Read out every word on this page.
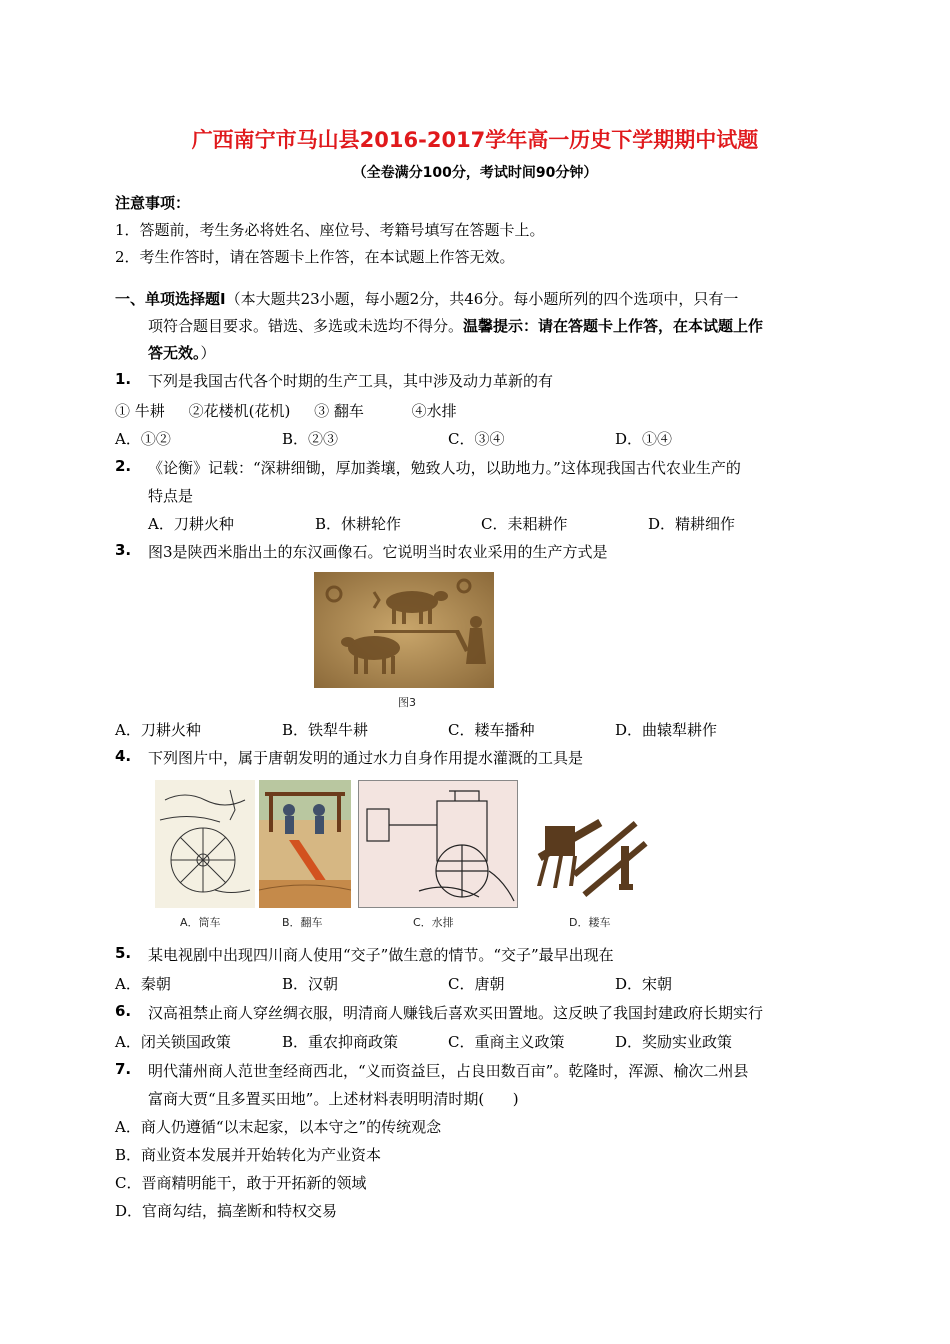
广西南宁市马山县2016-2017学年高一历史下学期期中试题
（全卷满分100分，考试时间90分钟）
注意事项：
1．答题前，考生务必将姓名、座位号、考籍号填写在答题卡上。
2．考生作答时，请在答题卡上作答，在本试题上作答无效。
一、单项选择题Ⅰ（本大题共23小题，每小题2分，共46分。每小题所列的四个选项中，只有一
项符合题目要求。错选、多选或未选均不得分。温馨提示：请在答题卡上作答，在本试题上作
答无效。）
1. 下列是我国古代各个时期的生产工具，其中涉及动力革新的有
① 牛耕     ②花楼机(花机)     ③ 翻车          ④水排
A．①②	B．②③	C．③④	D．①④
2. 《论衡》记载：“深耕细锄，厚加粪壤，勉致人功，以助地力。”这体现我国古代农业生产的
特点是
A．刀耕火种	B．休耕轮作	C．耒耜耕作	D．精耕细作
3. 图3是陕西米脂出土的东汉画像石。它说明当时农业采用的生产方式是
图3
A．刀耕火种	B．铁犁牛耕	C．耧车播种	D．曲辕犁耕作
4. 下列图片中，属于唐朝发明的通过水力自身作用提水灌溉的工具是
A．筒车	B．翻车	C．水排	D．耧车
5. 某电视剧中出现四川商人使用“交子”做生意的情节。“交子”最早出现在
A．秦朝	B．汉朝	C．唐朝	D．宋朝
6. 汉高祖禁止商人穿丝绸衣服，明清商人赚钱后喜欢买田置地。这反映了我国封建政府长期实行
A．闭关锁国政策	B．重农抑商政策	C．重商主义政策	D．奖励实业政策
7. 明代蒲州商人范世奎经商西北，“义而资益巨，占良田数百亩”。乾隆时，浑源、榆次二州县
富商大贾“且多置买田地”。上述材料表明明清时期(      )
A．商人仍遵循“以末起家，以本守之”的传统观念
B．商业资本发展并开始转化为产业资本
C．晋商精明能干，敢于开拓新的领域
D．官商勾结，搞垄断和特权交易
